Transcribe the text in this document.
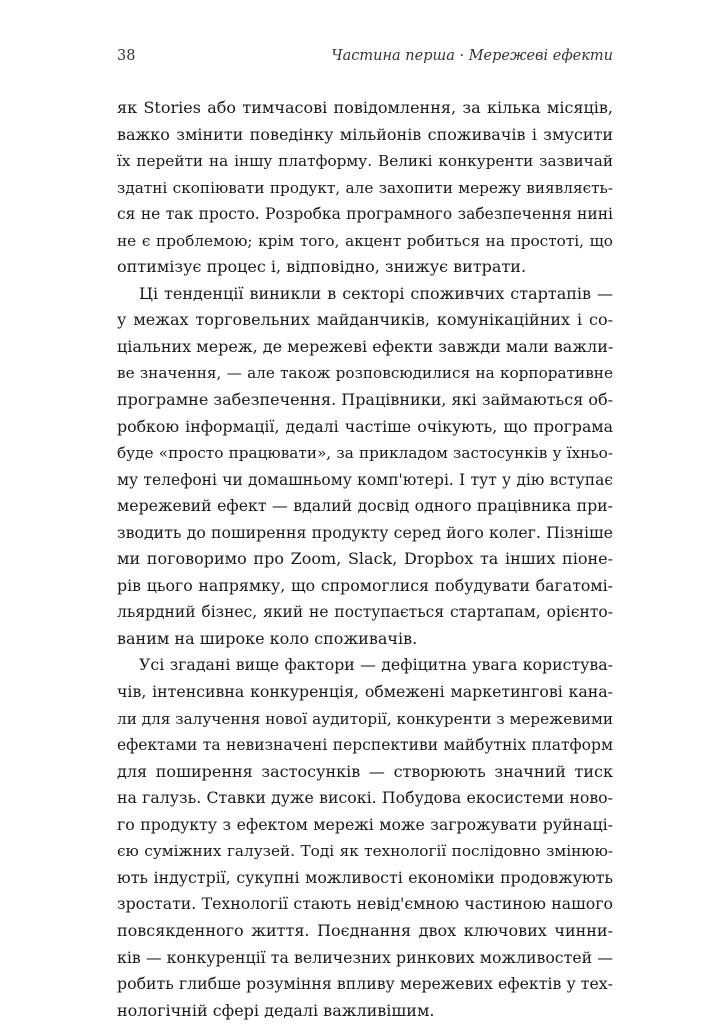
38	Частина перша · Мережеві ефекти
як Stories або тимчасові повідомлення, за кілька місяців,
важко змінити поведінку мільйонів споживачів і змусити
їх перейти на іншу платформу. Великі конкуренти зазвичай
здатні скопіювати продукт, але захопити мережу виявляєть-
ся не так просто. Розробка програмного забезпечення нині
не є проблемою; крім того, акцент робиться на простоті, що
оптимізує процес і, відповідно, знижує витрати.
Ці тенденції виникли в секторі споживчих стартапів —
у межах торговельних майданчиків, комунікаційних і со-
ціальних мереж, де мережеві ефекти завжди мали важли-
ве значення, — але також розповсюдилися на корпоративне
програмне забезпечення. Працівники, які займаються об-
робкою інформації, дедалі частіше очікують, що програма
буде «просто працювати», за прикладом застосунків у їхньо-
му телефоні чи домашньому комп'ютері. І тут у дію вступає
мережевий ефект — вдалий досвід одного працівника при-
зводить до поширення продукту серед його колег. Пізніше
ми поговоримо про Zoom, Slack, Dropbox та інших піоне-
рів цього напрямку, що спромоглися побудувати багатомі-
льярдний бізнес, який не поступається стартапам, орієнто-
ваним на широке коло споживачів.
Усі згадані вище фактори — дефіцитна увага користува-
чів, інтенсивна конкуренція, обмежені маркетингові кана-
ли для залучення нової аудиторії, конкуренти з мережевими
ефектами та невизначені перспективи майбутніх платформ
для поширення застосунків — створюють значний тиск
на галузь. Ставки дуже високі. Побудова екосистеми ново-
го продукту з ефектом мережі може загрожувати руйнаці-
єю суміжних галузей. Тоді як технології послідовно змінюю-
ють індустрії, сукупні можливості економіки продовжують
зростати. Технології стають невід'ємною частиною нашого
повсякденного життя. Поєднання двох ключових чинни-
ків — конкуренції та величезних ринкових можливостей —
робить глибше розуміння впливу мережевих ефектів у тех-
нологічній сфері дедалі важливішим.
